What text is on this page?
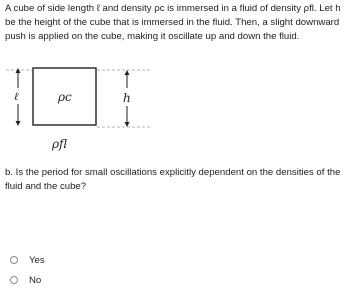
A cube of side length ℓ and density ρc is immersed in a fluid of density ρfl. Let h be the height of the cube that is immersed in the fluid. Then, a slight downward push is applied on the cube, making it oscillate up and down the fluid.

ℓ	h
ρc
ρfl

b. Is the period for small oscillations explicitly dependent on the densities of the fluid and the cube?

Yes
No
